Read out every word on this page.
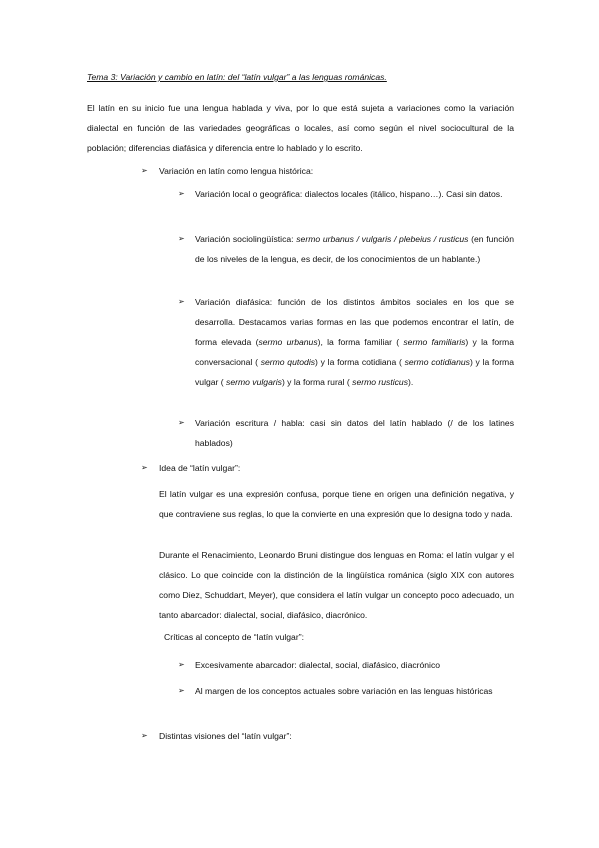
Tema 3: Variación y cambio en latín: del “latín vulgar” a las lenguas románicas.
El latín en su inicio fue una lengua hablada y viva, por lo que está sujeta a variaciones como la variación dialectal en función de las variedades geográficas o locales, así como según el nivel sociocultural de la población; diferencias diafásica y diferencia entre lo hablado y lo escrito.
➢ Variación en latín como lengua histórica:
➢	Variación local o geográfica: dialectos locales (itálico, hispano…). Casi sin datos.
➢	Variación sociolingüística: sermo urbanus / vulgaris / plebeius / rusticus (en función de los niveles de la lengua, es decir, de los conocimientos de un hablante.)
➢	Variación diafásica: función de los distintos ámbitos sociales en los que se desarrolla. Destacamos varias formas en las que podemos encontrar el latín, de forma elevada (sermo urbanus), la forma familiar ( sermo familiaris) y la forma conversacional ( sermo qutodis) y la forma cotidiana ( sermo cotidianus) y la forma vulgar ( sermo vulgaris) y la forma rural ( sermo rusticus).
➢	Variación escritura / habla: casi sin datos del latín hablado (/ de los latines hablados)
➢ Idea de “latín vulgar”:
El latín vulgar es una expresión confusa, porque tiene en origen una definición negativa, y que contraviene sus reglas, lo que la convierte en una expresión que lo designa todo y nada.
Durante el Renacimiento, Leonardo Bruni distingue dos lenguas en Roma: el latín vulgar y el clásico. Lo que coincide con la distinción de la lingüística románica (siglo XIX con autores como Diez, Schuddart, Meyer), que considera el latín vulgar un concepto poco adecuado, un tanto abarcador: dialectal, social, diafásico, diacrónico.
Críticas al concepto de “latín vulgar”:
➢	Excesivamente abarcador: dialectal, social, diafásico, diacrónico
➢	Al margen de los conceptos actuales sobre variación en las lenguas históricas
➢ Distintas visiones del “latín vulgar”:
